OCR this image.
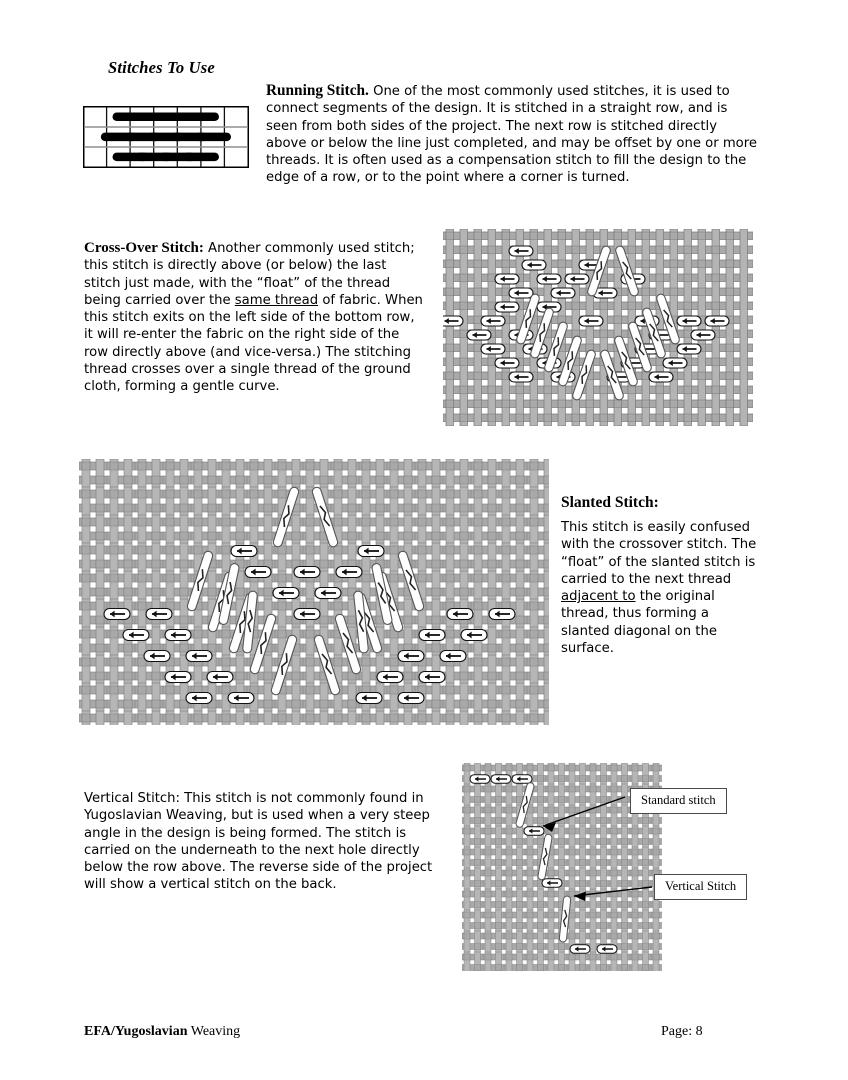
Stitches To Use
Running Stitch. One of the most commonly used stitches, it is used to connect segments of the design. It is stitched in a straight row, and is seen from both sides of the project. The next row is stitched directly above or below the line just completed, and may be offset by one or more threads. It is often used as a compensation stitch to fill the design to the edge of a row, or to the point where a corner is turned.
Cross-Over Stitch: Another commonly used stitch; this stitch is directly above (or below) the last stitch just made, with the “float” of the thread being carried over the same thread of fabric. When this stitch exits on the left side of the bottom row, it will re-enter the fabric on the right side of the row directly above (and vice-versa.) The stitching thread crosses over a single thread of the ground cloth, forming a gentle curve.
Slanted Stitch:
This stitch is easily confused with the crossover stitch. The “float” of the slanted stitch is carried to the next thread adjacent to the original thread, thus forming a slanted diagonal on the surface.
Vertical Stitch: This stitch is not commonly found in Yugoslavian Weaving, but is used when a very steep angle in the design is being formed. The stitch is carried on the underneath to the next hole directly below the row above. The reverse side of the project will show a vertical stitch on the back.
Standard stitch
Vertical Stitch
EFA/Yugoslavian Weaving	Page: 8
